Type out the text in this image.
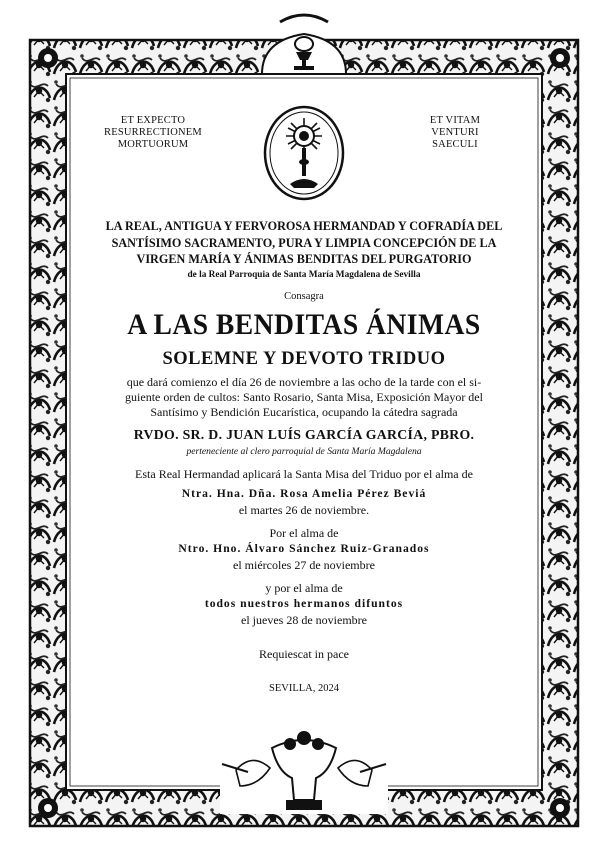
ET EXPECTO
RESURRECTIONEM
MORTUORUM
ET VITAM
VENTURI
SAECULI
LA REAL, ANTIGUA Y FERVOROSA HERMANDAD Y COFRADÍA DEL
SANTÍSIMO SACRAMENTO, PURA Y LIMPIA CONCEPCIÓN DE LA
VIRGEN MARÍA Y ÁNIMAS BENDITAS DEL PURGATORIO
de la Real Parroquia de Santa María Magdalena de Sevilla
Consagra
A LAS BENDITAS ÁNIMAS
SOLEMNE Y DEVOTO TRIDUO
que dará comienzo el día 26 de noviembre a las ocho de la tarde con el si-
guiente orden de cultos: Santo Rosario, Santa Misa, Exposición Mayor del
Santísimo y Bendición Eucarística, ocupando la cátedra sagrada
RVDO. SR. D. JUAN LUÍS GARCÍA GARCÍA, PBRO.
perteneciente al clero parroquial de Santa María Magdalena
Esta Real Hermandad aplicará la Santa Misa del Triduo por el alma de
Ntra. Hna. Dña. Rosa Amelia Pérez Beviá
el martes 26 de noviembre.
Por el alma de
Ntro. Hno. Álvaro Sánchez Ruiz-Granados
el miércoles 27 de noviembre
y por el alma de
todos nuestros hermanos difuntos
el jueves 28 de noviembre
Requiescat in pace
SEVILLA, 2024
